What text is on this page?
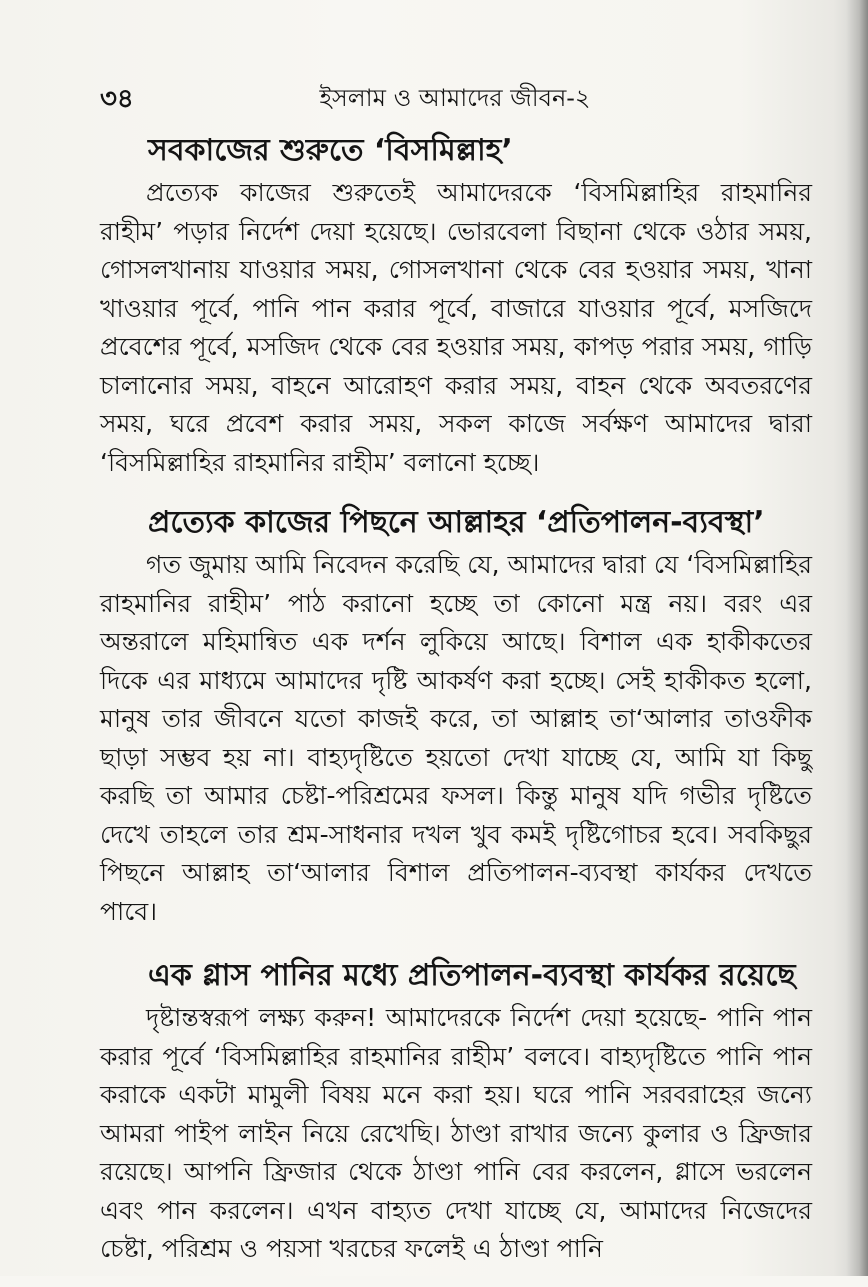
৩৪	ইসলাম ও আমাদের জীবন-২
সবকাজের শুরুতে ‘বিসমিল্লাহ’

প্রত্যেক কাজের শুরুতেই আমাদেরকে ‘বিসমিল্লাহির রাহমানির রাহীম’ পড়ার নির্দেশ দেয়া হয়েছে। ভোরবেলা বিছানা থেকে ওঠার সময়, গোসলখানায় যাওয়ার সময়, গোসলখানা থেকে বের হওয়ার সময়, খানা খাওয়ার পূর্বে, পানি পান করার পূর্বে, বাজারে যাওয়ার পূর্বে, মসজিদে প্রবেশের পূর্বে, মসজিদ থেকে বের হওয়ার সময়, কাপড় পরার সময়, গাড়ি চালানোর সময়, বাহনে আরোহণ করার সময়, বাহন থেকে অবতরণের সময়, ঘরে প্রবেশ করার সময়, সকল কাজে সর্বক্ষণ আমাদের দ্বারা ‘বিসমিল্লাহির রাহমানির রাহীম’ বলানো হচ্ছে।

প্রত্যেক কাজের পিছনে আল্লাহর ‘প্রতিপালন-ব্যবস্থা’

গত জুমায় আমি নিবেদন করেছি যে, আমাদের দ্বারা যে ‘বিসমিল্লাহির রাহমানির রাহীম’ পাঠ করানো হচ্ছে তা কোনো মন্ত্র নয়। বরং এর অন্তরালে মহিমান্বিত এক দর্শন লুকিয়ে আছে। বিশাল এক হাকীকতের দিকে এর মাধ্যমে আমাদের দৃষ্টি আকর্ষণ করা হচ্ছে। সেই হাকীকত হলো, মানুষ তার জীবনে যতো কাজই করে, তা আল্লাহ তা‘আলার তাওফীক ছাড়া সম্ভব হয় না। বাহ্যদৃষ্টিতে হয়তো দেখা যাচ্ছে যে, আমি যা কিছু করছি তা আমার চেষ্টা-পরিশ্রমের ফসল। কিন্তু মানুষ যদি গভীর দৃষ্টিতে দেখে তাহলে তার শ্রম-সাধনার দখল খুব কমই দৃষ্টিগোচর হবে। সবকিছুর পিছনে আল্লাহ তা‘আলার বিশাল প্রতিপালন-ব্যবস্থা কার্যকর দেখতে পাবে।

এক গ্লাস পানির মধ্যে প্রতিপালন-ব্যবস্থা কার্যকর রয়েছে

দৃষ্টান্তস্বরূপ লক্ষ্য করুন! আমাদেরকে নির্দেশ দেয়া হয়েছে- পানি পান করার পূর্বে ‘বিসমিল্লাহির রাহমানির রাহীম’ বলবে। বাহ্যদৃষ্টিতে পানি পান করাকে একটা মামুলী বিষয় মনে করা হয়। ঘরে পানি সরবরাহের জন্যে আমরা পাইপ লাইন নিয়ে রেখেছি। ঠাণ্ডা রাখার জন্যে কুলার ও ফ্রিজার রয়েছে। আপনি ফ্রিজার থেকে ঠাণ্ডা পানি বের করলেন, গ্লাসে ভরলেন এবং পান করলেন। এখন বাহ্যত দেখা যাচ্ছে যে, আমাদের নিজেদের চেষ্টা, পরিশ্রম ও পয়সা খরচের ফলেই এ ঠাণ্ডা পানি
